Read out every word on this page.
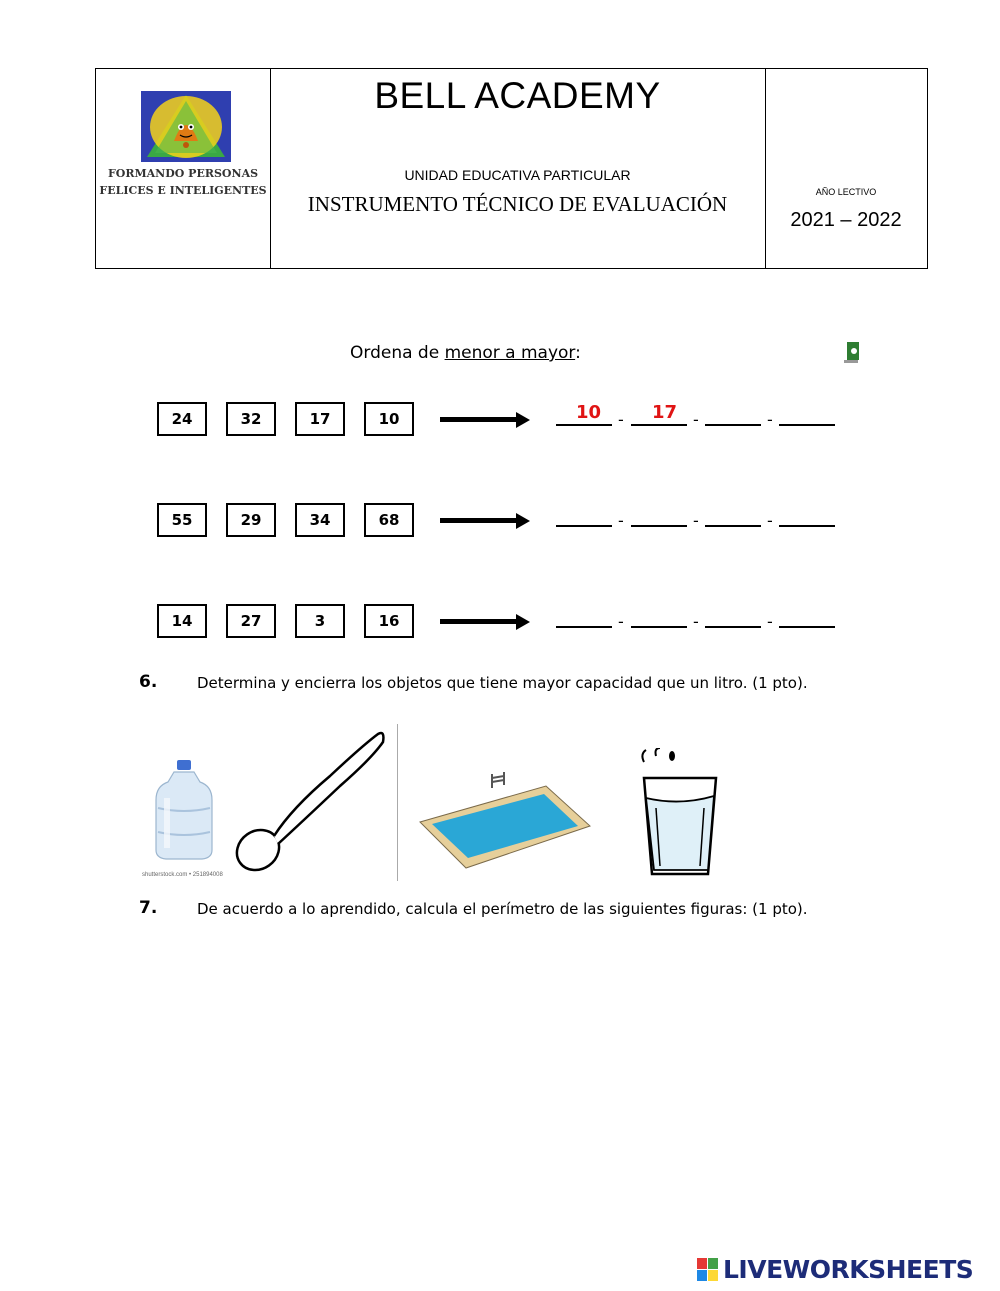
FORMANDO PERSONAS
FELICES E INTELIGENTES
BELL ACADEMY
UNIDAD EDUCATIVA PARTICULAR
INSTRUMENTO TÉCNICO DE EVALUACIÓN	AÑO LECTIVO
2021 – 2022
Ordena de menor a mayor:
24	32	17	10	10 - 17 -	-
55	29	34	68	-	-	-
14	27	3	16	-	-	-
6.	Determina y encierra los objetos que tiene mayor capacidad que un litro. (1 pto).
shutterstock.com • 251894008
7.	De acuerdo a lo aprendido, calcula el perímetro de las siguientes figuras: (1 pto).
LIVEWORKSHEETS
